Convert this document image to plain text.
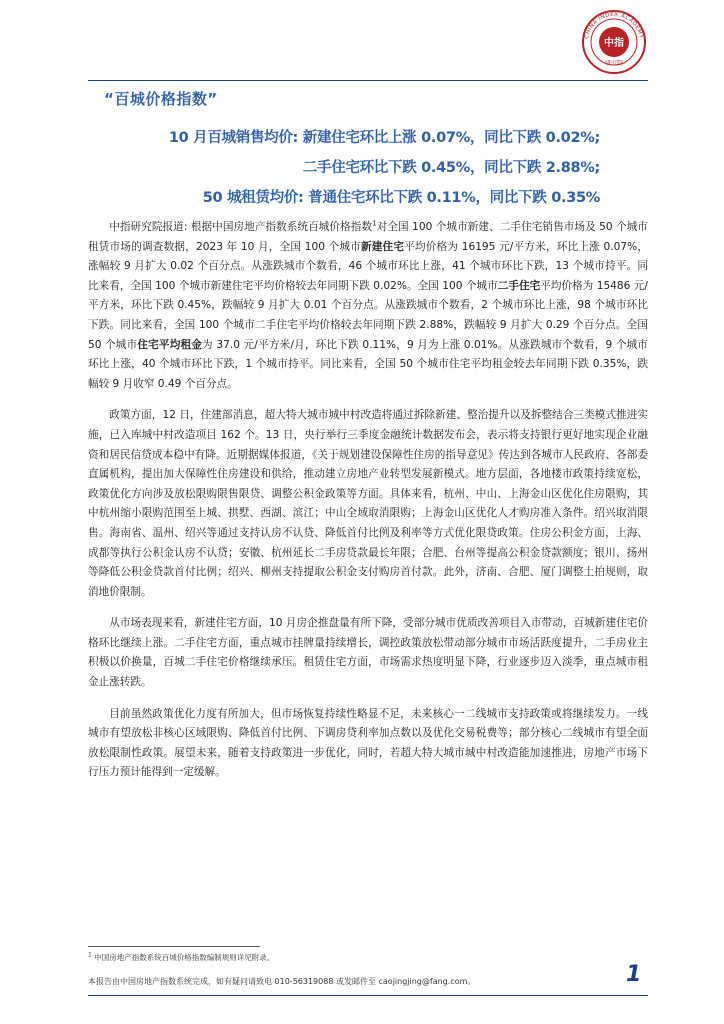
中指
CHINA INDEX ACADEMY
研究院
“百城价格指数”
10 月百城销售均价: 新建住宅环比上涨 0.07%，同比下跌 0.02%;
二手住宅环比下跌 0.45%，同比下跌 2.88%;
50 城租赁均价: 普通住宅环比下跌 0.11%，同比下跌 0.35%

中指研究院报道: 根据中国房地产指数系统百城价格指数$^1$对全国 100 个城市新建、二手住宅销售市场及 50 个城市租赁市场的调查数据，2023 年 10 月，全国 100 个城市新建住宅平均价格为 16195 元/平方米，环比上涨 0.07%，涨幅较 9 月扩大 0.02 个百分点。从涨跌城市个数看，46 个城市环比上涨，41 个城市环比下跌，13 个城市持平。同比来看，全国 100 个城市新建住宅平均价格较去年同期下跌 0.02%。全国 100 个城市二手住宅平均价格为 15486 元/平方米，环比下跌 0.45%，跌幅较 9 月扩大 0.01 个百分点。从涨跌城市个数看，2 个城市环比上涨，98 个城市环比下跌。同比来看，全国 100 个城市二手住宅平均价格较去年同期下跌 2.88%，跌幅较 9 月扩大 0.29 个百分点。全国 50 个城市住宅平均租金为 37.0 元/平方米/月，环比下跌 0.11%，9 月为上涨 0.01%。从涨跌城市个数看，9 个城市环比上涨，40 个城市环比下跌，1 个城市持平。同比来看，全国 50 个城市住宅平均租金较去年同期下跌 0.35%，跌幅较 9 月收窄 0.49 个百分点。

政策方面，12 日，住建部消息，超大特大城市城中村改造将通过拆除新建、整治提升以及拆整结合三类模式推进实施，已入库城中村改造项目 162 个。13 日，央行举行三季度金融统计数据发布会，表示将支持银行更好地实现企业融资和居民信贷成本稳中有降。近期据媒体报道，《关于规划建设保障性住房的指导意见》传达到各城市人民政府、各部委直属机构，提出加大保障性住房建设和供给，推动建立房地产业转型发展新模式。地方层面，各地楼市政策持续宽松，政策优化方向涉及放松限购限售限贷、调整公积金政策等方面。具体来看，杭州、中山、上海金山区优化住房限购，其中杭州缩小限购范围至上城、拱墅、西湖、滨江；中山全域取消限购；上海金山区优化人才购房准入条件。绍兴取消限售。海南省、温州、绍兴等通过支持认房不认贷、降低首付比例及利率等方式优化限贷政策。住房公积金方面，上海、成都等执行公积金认房不认贷；安徽、杭州延长二手房贷款最长年限；合肥、台州等提高公积金贷款额度；银川、扬州等降低公积金贷款首付比例；绍兴、柳州支持提取公积金支付购房首付款。此外，济南、合肥、厦门调整土拍规则，取消地价限制。

从市场表现来看，新建住宅方面，10 月房企推盘量有所下降，受部分城市优质改善项目入市带动，百城新建住宅价格环比继续上涨。二手住宅方面，重点城市挂牌量持续增长，调控政策放松带动部分城市市场活跃度提升，二手房业主积极以价换量，百城二手住宅价格继续承压。租赁住宅方面，市场需求热度明显下降，行业逐步迈入淡季，重点城市租金止涨转跌。

目前虽然政策优化力度有所加大，但市场恢复持续性略显不足，未来核心一二线城市支持政策或将继续发力。一线城市有望放松非核心区域限购、降低首付比例、下调房贷利率加点数以及优化交易税费等；部分核心二线城市有望全面放松限制性政策。展望未来，随着支持政策进一步优化，同时，若超大特大城市城中村改造能加速推进，房地产市场下行压力预计能得到一定缓解。

$^1$ 中国房地产指数系统百城价格指数编制规则详见附录。
本报告由中国房地产指数系统完成，如有疑问请致电 010-56319088 或发邮件至 caojingjing@fang.com。	1
